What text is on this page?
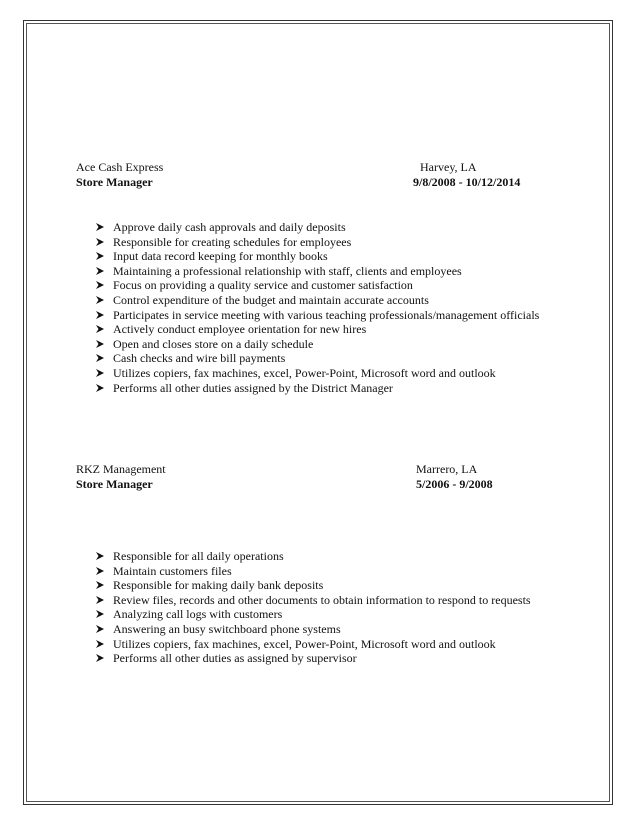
Ace Cash Express	Harvey, LA
Store Manager	9/8/2008 - 10/12/2014
Approve daily cash approvals and daily deposits
Responsible for creating schedules for employees
Input data record keeping for monthly books
Maintaining a professional relationship with staff, clients and employees
Focus on providing a quality service and customer satisfaction
Control expenditure of the budget and maintain accurate accounts
Participates in service meeting with various teaching professionals/management officials
Actively conduct employee orientation for new hires
Open and closes store on a daily schedule
Cash checks and wire bill payments
Utilizes copiers, fax machines, excel, Power-Point, Microsoft word and outlook
Performs all other duties assigned by the District Manager
RKZ Management	Marrero, LA
Store Manager	5/2006 - 9/2008
Responsible for all daily operations
Maintain customers files
Responsible for making daily bank deposits
Review files, records and other documents to obtain information to respond to requests
Analyzing call logs with customers
Answering an busy switchboard phone systems
Utilizes copiers, fax machines, excel, Power-Point, Microsoft word and outlook
Performs all other duties as assigned by supervisor
